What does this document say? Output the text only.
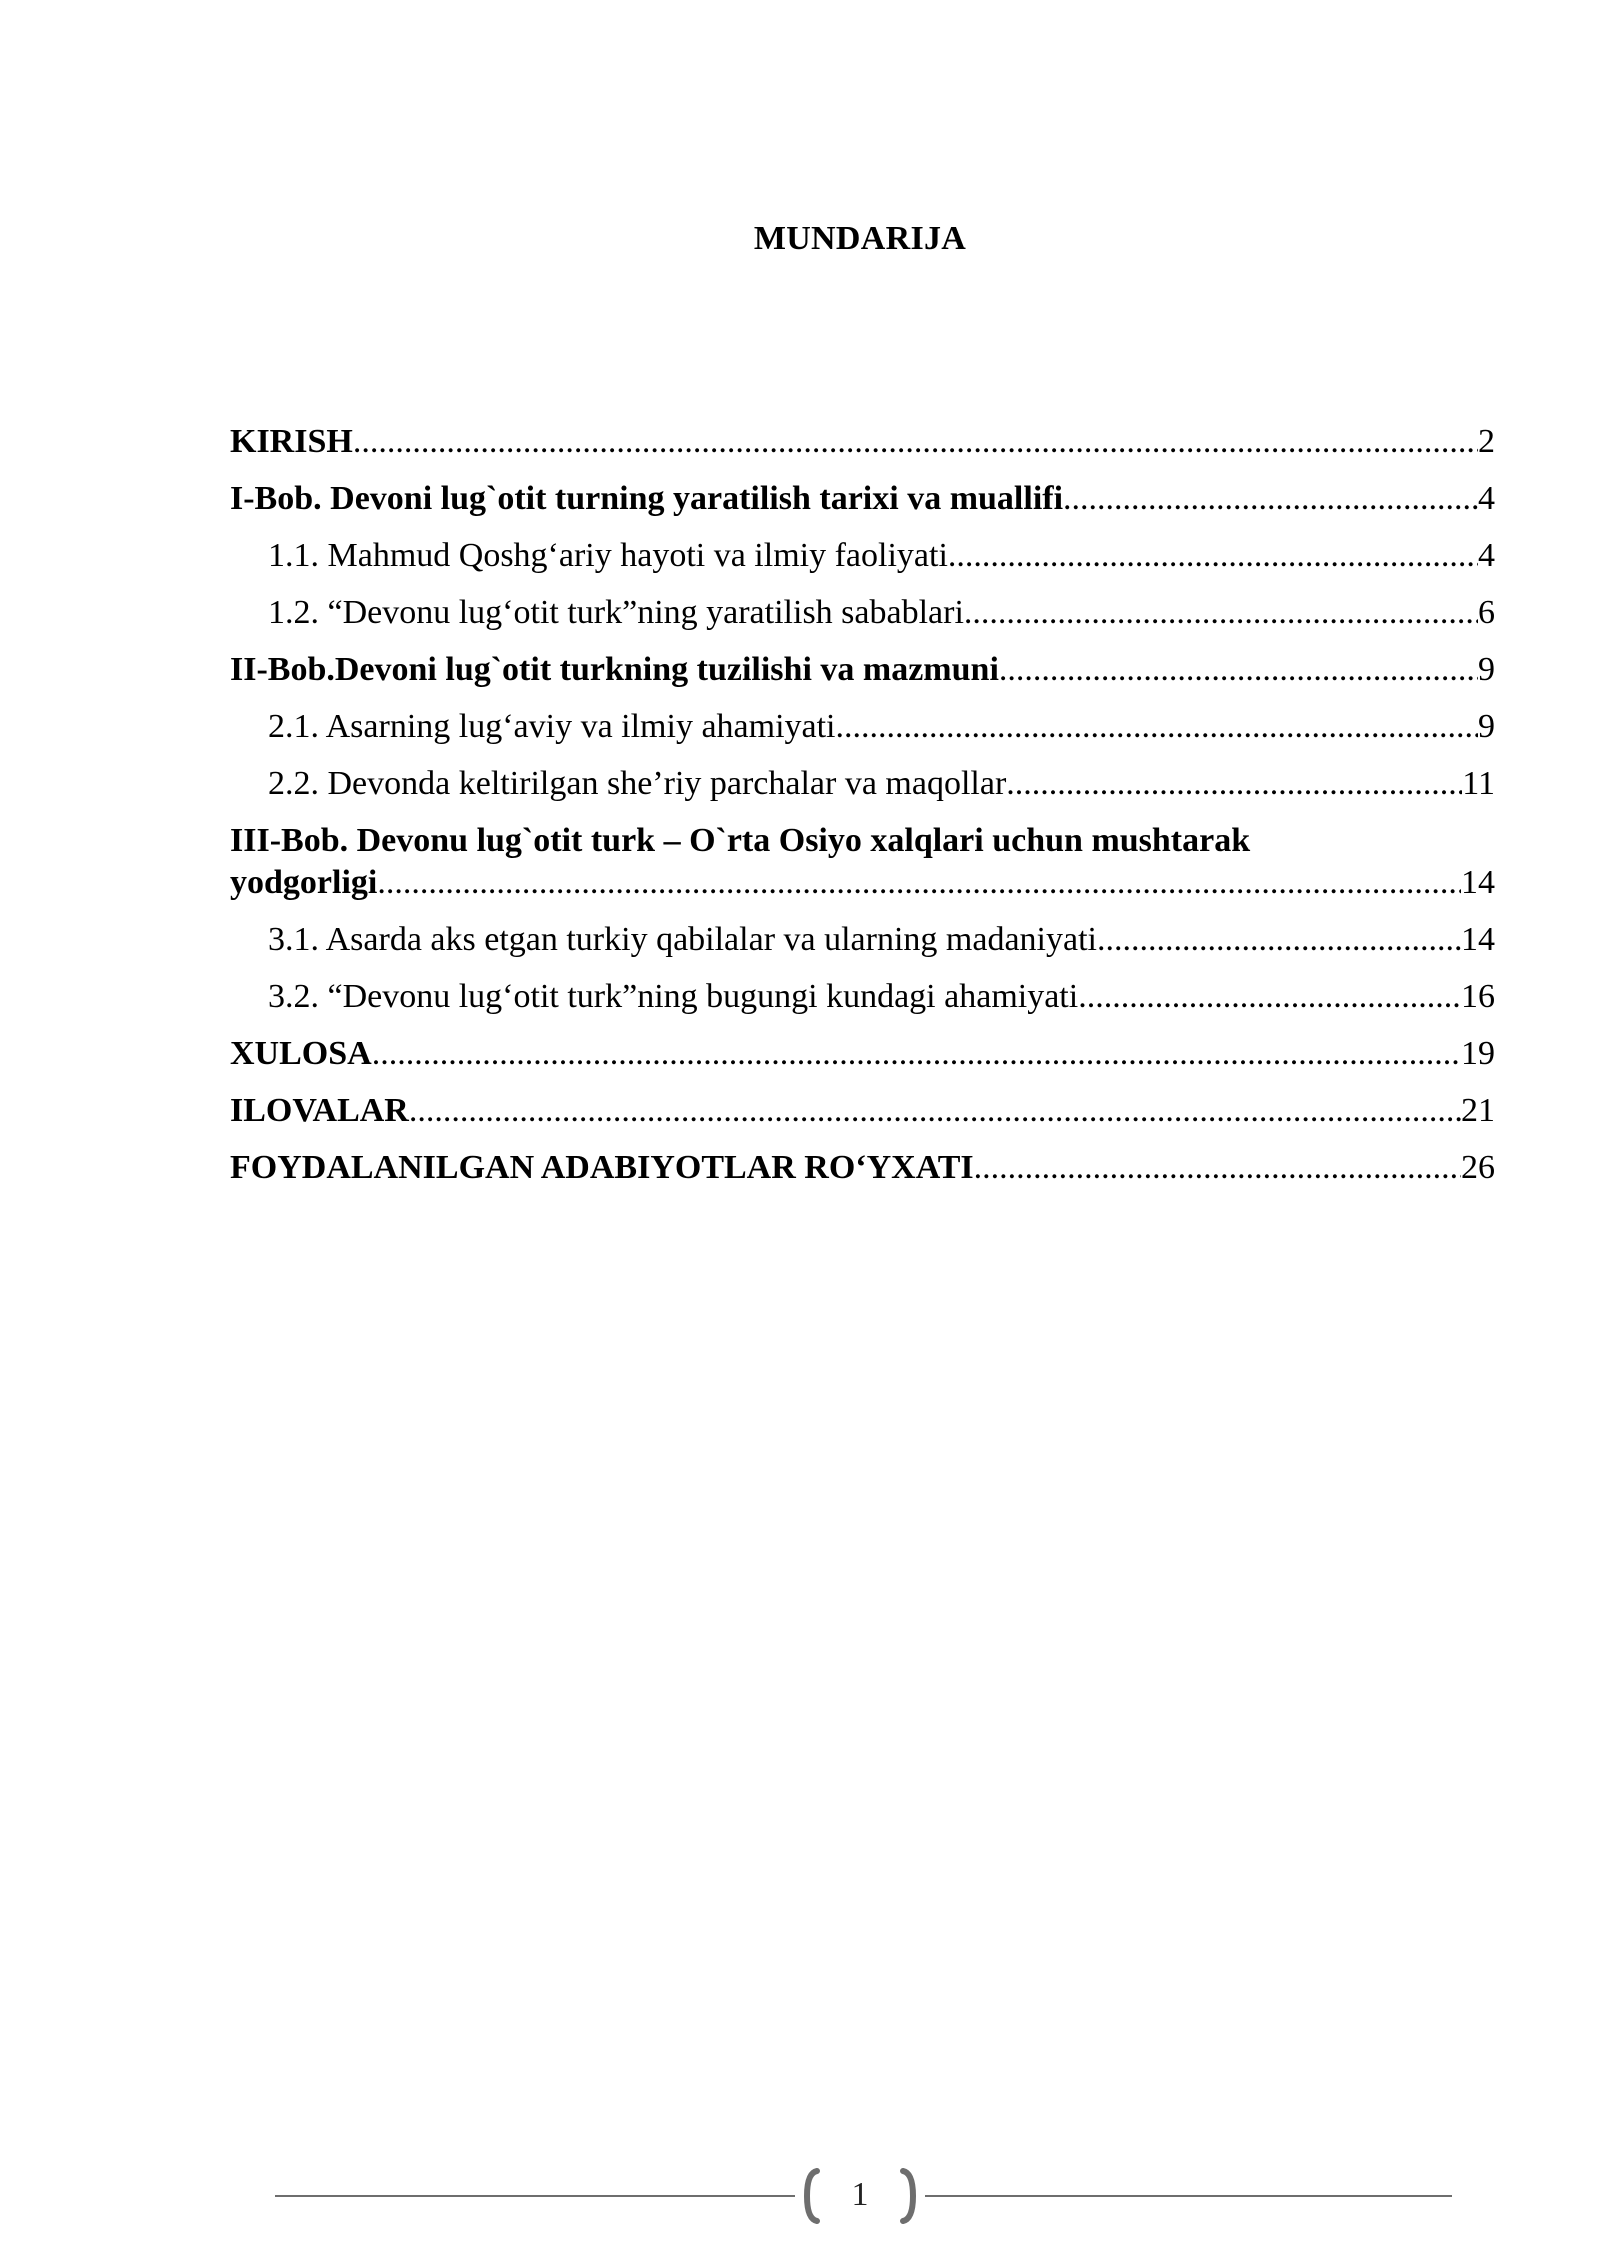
MUNDARIJA
KIRISH .....	2
I-Bob. Devoni lug`otit turning yaratilish tarixi va muallifi .....	4
1.1. Mahmud Qoshg‘ariy hayoti va ilmiy faoliyati .....	4
1.2. “Devonu lug‘otit turk”ning yaratilish sabablari .....	6
II-Bob.Devoni lug`otit turkning tuzilishi va mazmuni .....	9
2.1. Asarning lug‘aviy va ilmiy ahamiyati .....	9
2.2. Devonda keltirilgan she’riy parchalar va maqollar .....	11
III-Bob. Devonu lug`otit turk – O`rta Osiyo xalqlari uchun mushtarak
yodgorligi .....	14
3.1. Asarda aks etgan turkiy qabilalar va ularning madaniyati .....	14
3.2. “Devonu lug‘otit turk”ning bugungi kundagi ahamiyati .....	16
XULOSA .....	19
ILOVALAR .....	21
FOYDALANILGAN ADABIYOTLAR RO‘YXATI .....	26
1
